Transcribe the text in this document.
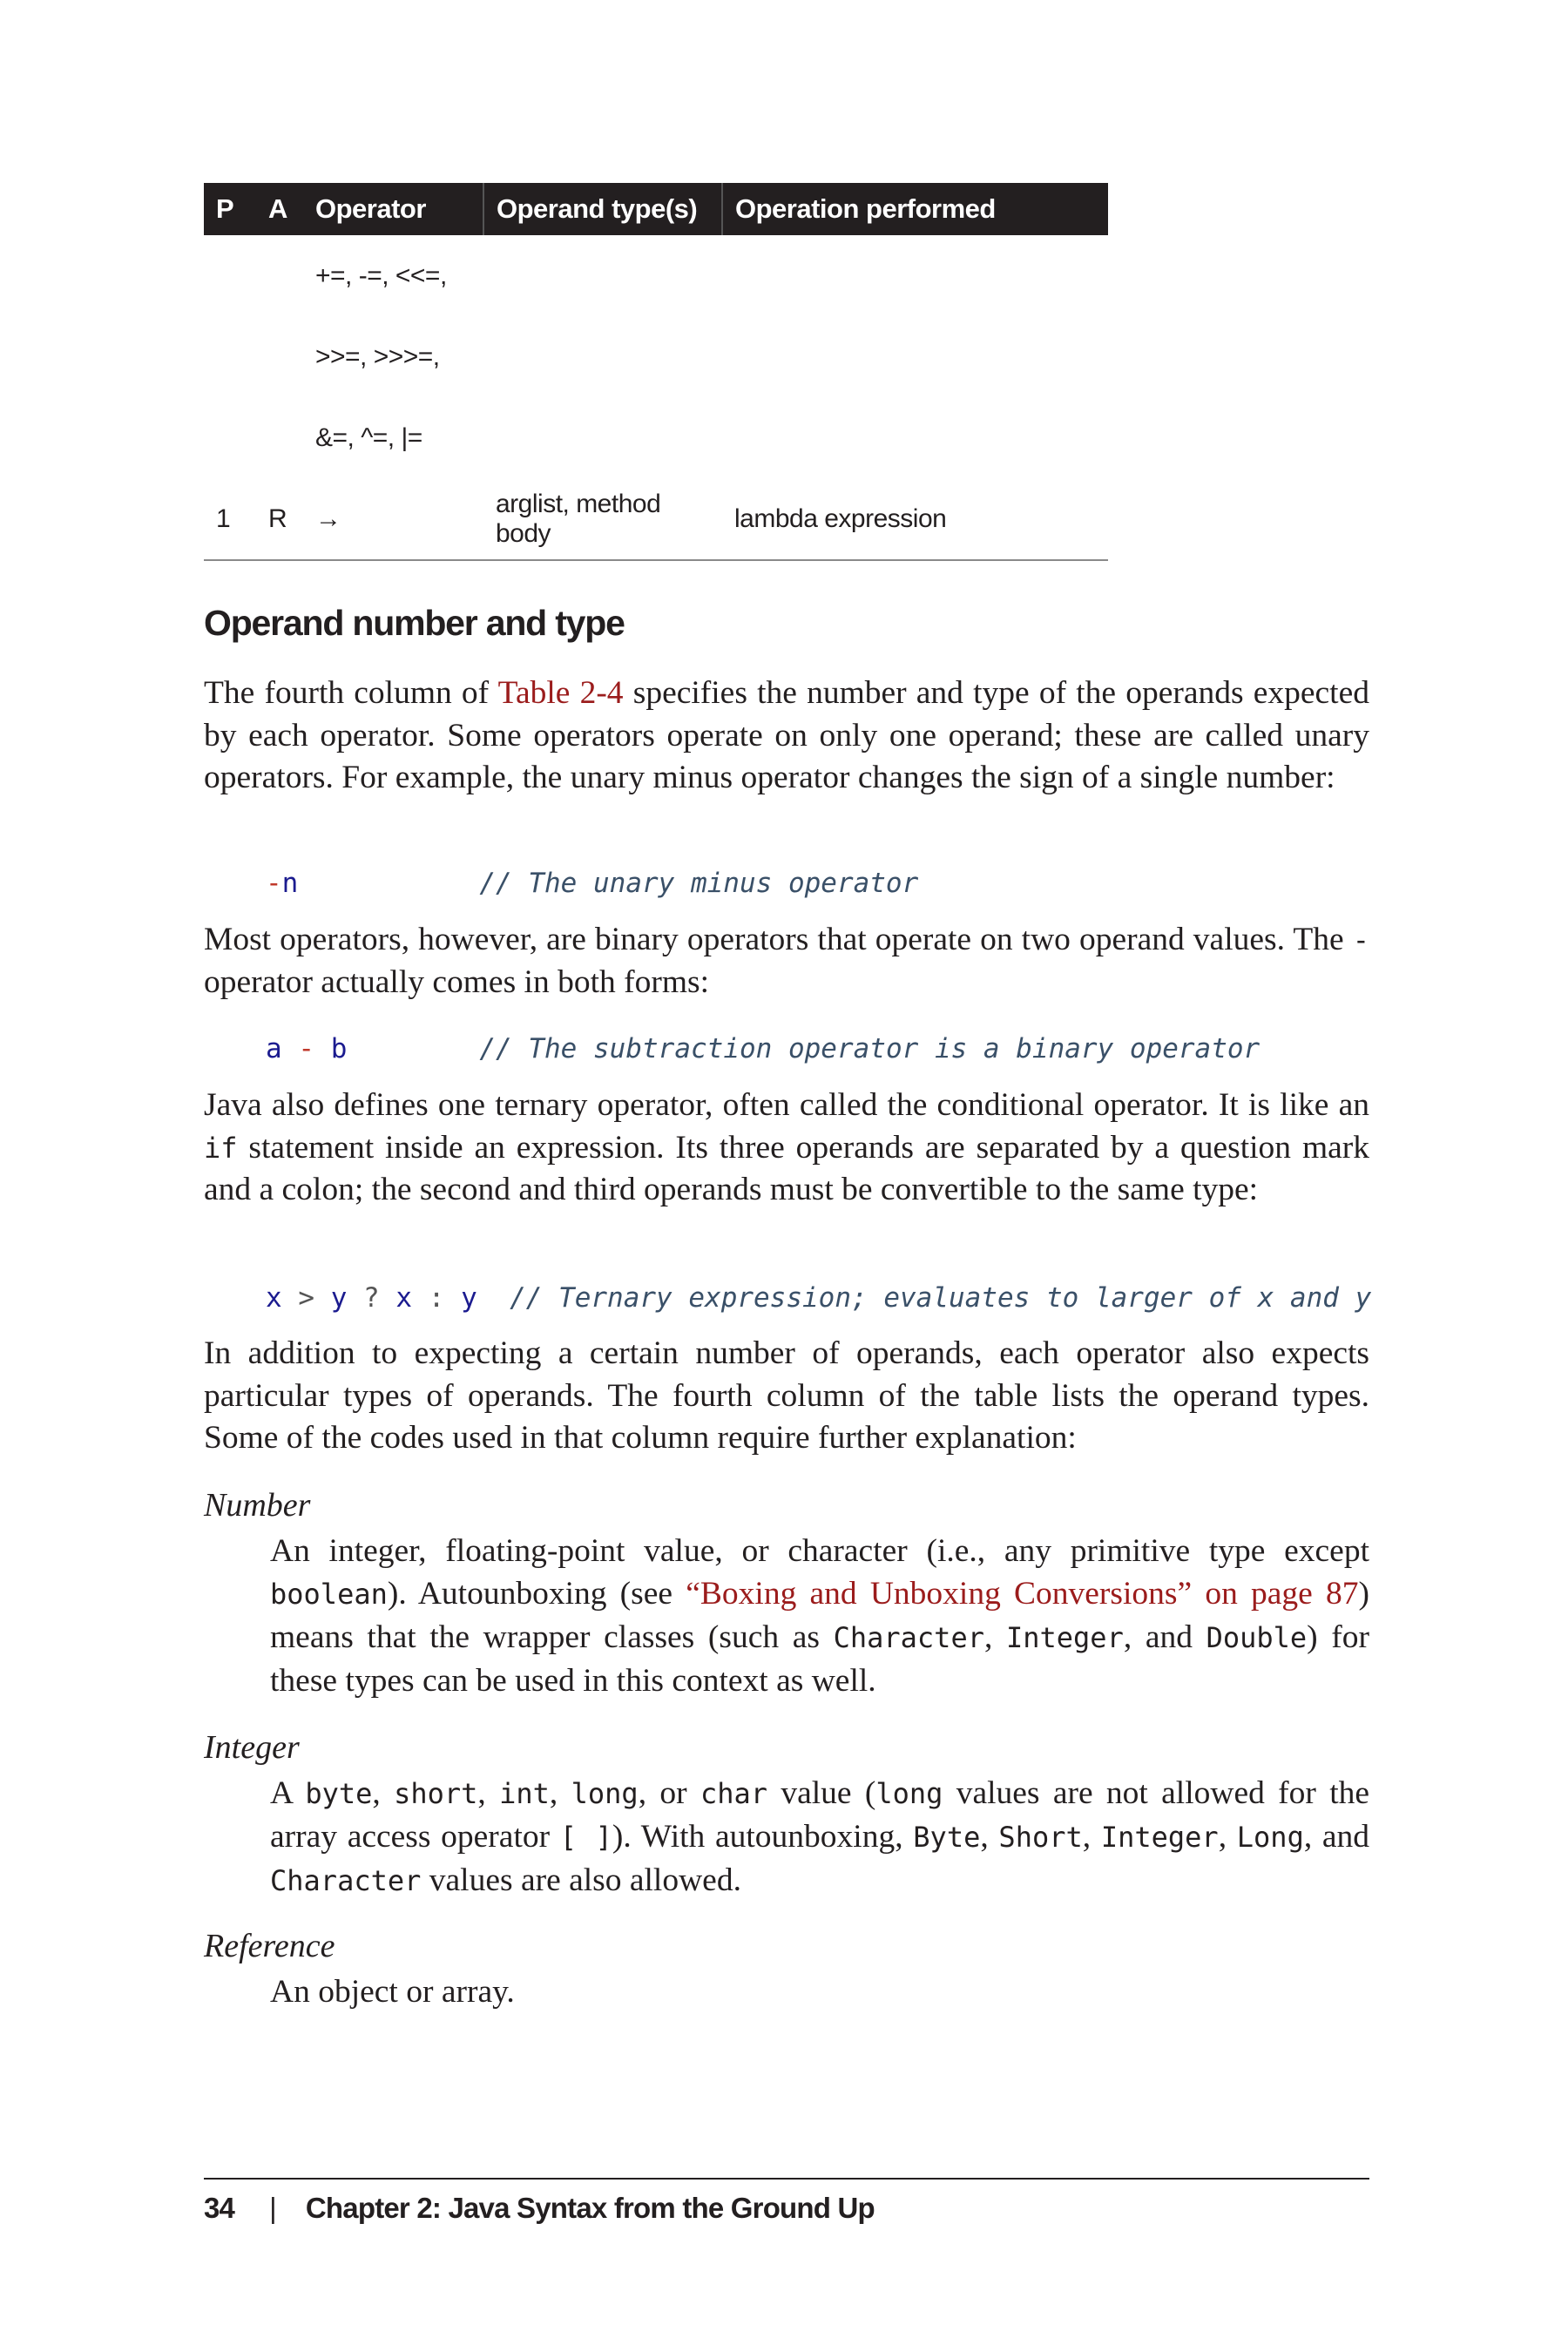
P	A	Operator	Operand type(s)	Operation performed
		+=, -=, <<=,		
		>>=, >>>=,		
		&=, ^=, |=		
1	R	→	arglist, method body	lambda expression
Operand number and type

The fourth column of Table 2-4 specifies the number and type of the operands expected by each operator. Some operators operate on only one operand; these are called unary operators. For example, the unary minus operator changes the sign of a single number:

-n	// The unary minus operator

Most operators, however, are binary operators that operate on two operand values. The - operator actually comes in both forms:

a - b	// The subtraction operator is a binary operator

Java also defines one ternary operator, often called the conditional operator. It is like an if statement inside an expression. Its three operands are separated by a question mark and a colon; the second and third operands must be convertible to the same type:

x > y ? x : y // Ternary expression; evaluates to larger of x and y

In addition to expecting a certain number of operands, each operator also expects particular types of operands. The fourth column of the table lists the operand types. Some of the codes used in that column require further explanation:

Number

An integer, floating-point value, or character (i.e., any primitive type except boolean). Autounboxing (see “Boxing and Unboxing Conversions” on page 87) means that the wrapper classes (such as Character, Integer, and Double) for these types can be used in this context as well.

Integer

A byte, short, int, long, or char value (long values are not allowed for the array access operator [ ]). With autounboxing, Byte, Short, Integer, Long, and Character values are also allowed.

Reference

An object or array.

34 | Chapter 2: Java Syntax from the Ground Up
